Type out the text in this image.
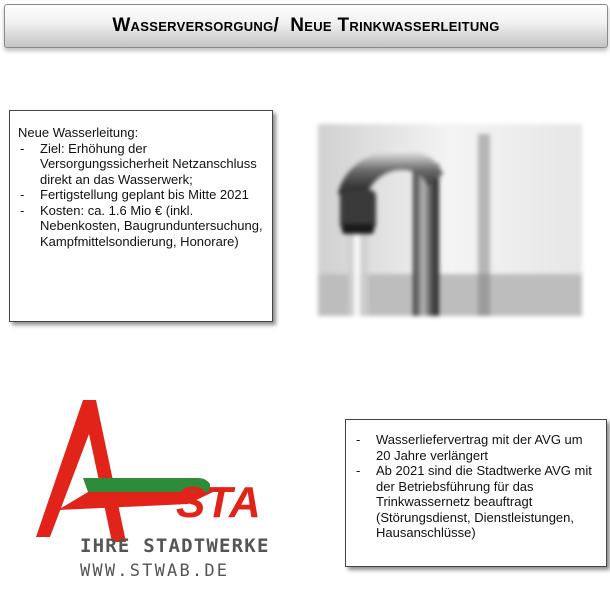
Wasserversorgung/  Neue Trinkwasserleitung
Neue Wasserleitung:
- Ziel: Erhöhung der Versorgungssicherheit Netzanschluss direkt an das Wasserwerk;
- Fertigstellung geplant bis Mitte 2021
- Kosten: ca. 1.6 Mio € (inkl. Nebenkosten, Baugrunduntersuchung, Kampfmittelsondierung, Honorare)
STA
IHRE STADTWERKE
WWW.STWAB.DE
- Wasserliefervertrag mit der AVG um 20 Jahre verlängert
- Ab 2021 sind die Stadtwerke AVG mit der Betriebsführung für das Trinkwassernetz beauftragt (Störungsdienst, Dienstleistungen, Hausanschlüsse)
